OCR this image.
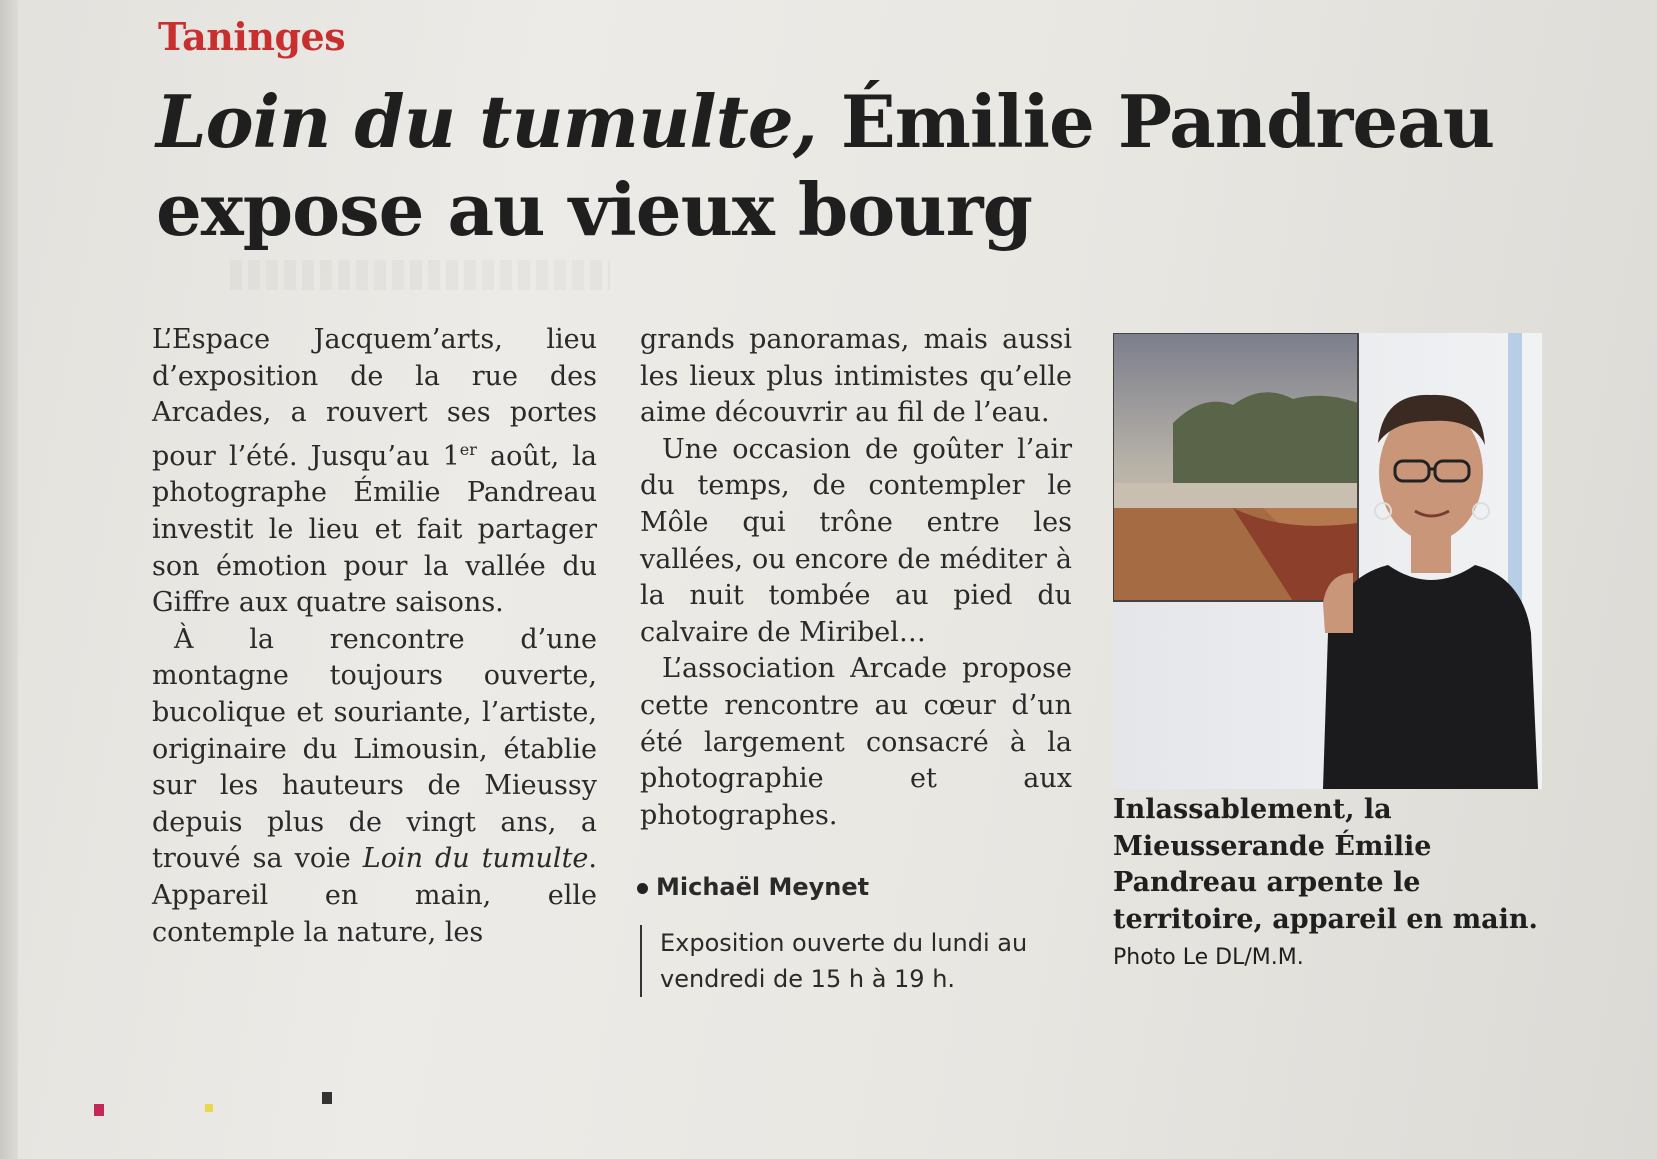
Taninges
Loin du tumulte, Émilie Pandreau
expose au vieux bourg

L’Espace Jacquem’arts, lieu d’exposition de la rue des Arcades, a rouvert ses portes pour l’été. Jusqu’au 1er août, la photographe Émilie Pandreau investit le lieu et fait partager son émotion pour la vallée du Giffre aux quatre saisons.

À la rencontre d’une montagne toujours ouverte, bucolique et souriante, l’artiste, originaire du Limousin, établie sur les hauteurs de Mieussy depuis plus de vingt ans, a trouvé sa voie Loin du tumulte. Appareil en main, elle contemple la nature, les

grands panoramas, mais aussi les lieux plus intimistes qu’elle aime découvrir au fil de l’eau.

Une occasion de goûter l’air du temps, de contempler le Môle qui trône entre les vallées, ou encore de méditer à la nuit tombée au pied du calvaire de Miribel…

L’association Arcade propose cette rencontre au cœur d’un été largement consacré à la photographie et aux photographes.

Michaël Meynet
Exposition ouverte du lundi au vendredi de 15 h à 19 h.
Inlassablement, la Mieusserande Émilie Pandreau arpente le territoire, appareil en main. Photo Le DL/M.M.
